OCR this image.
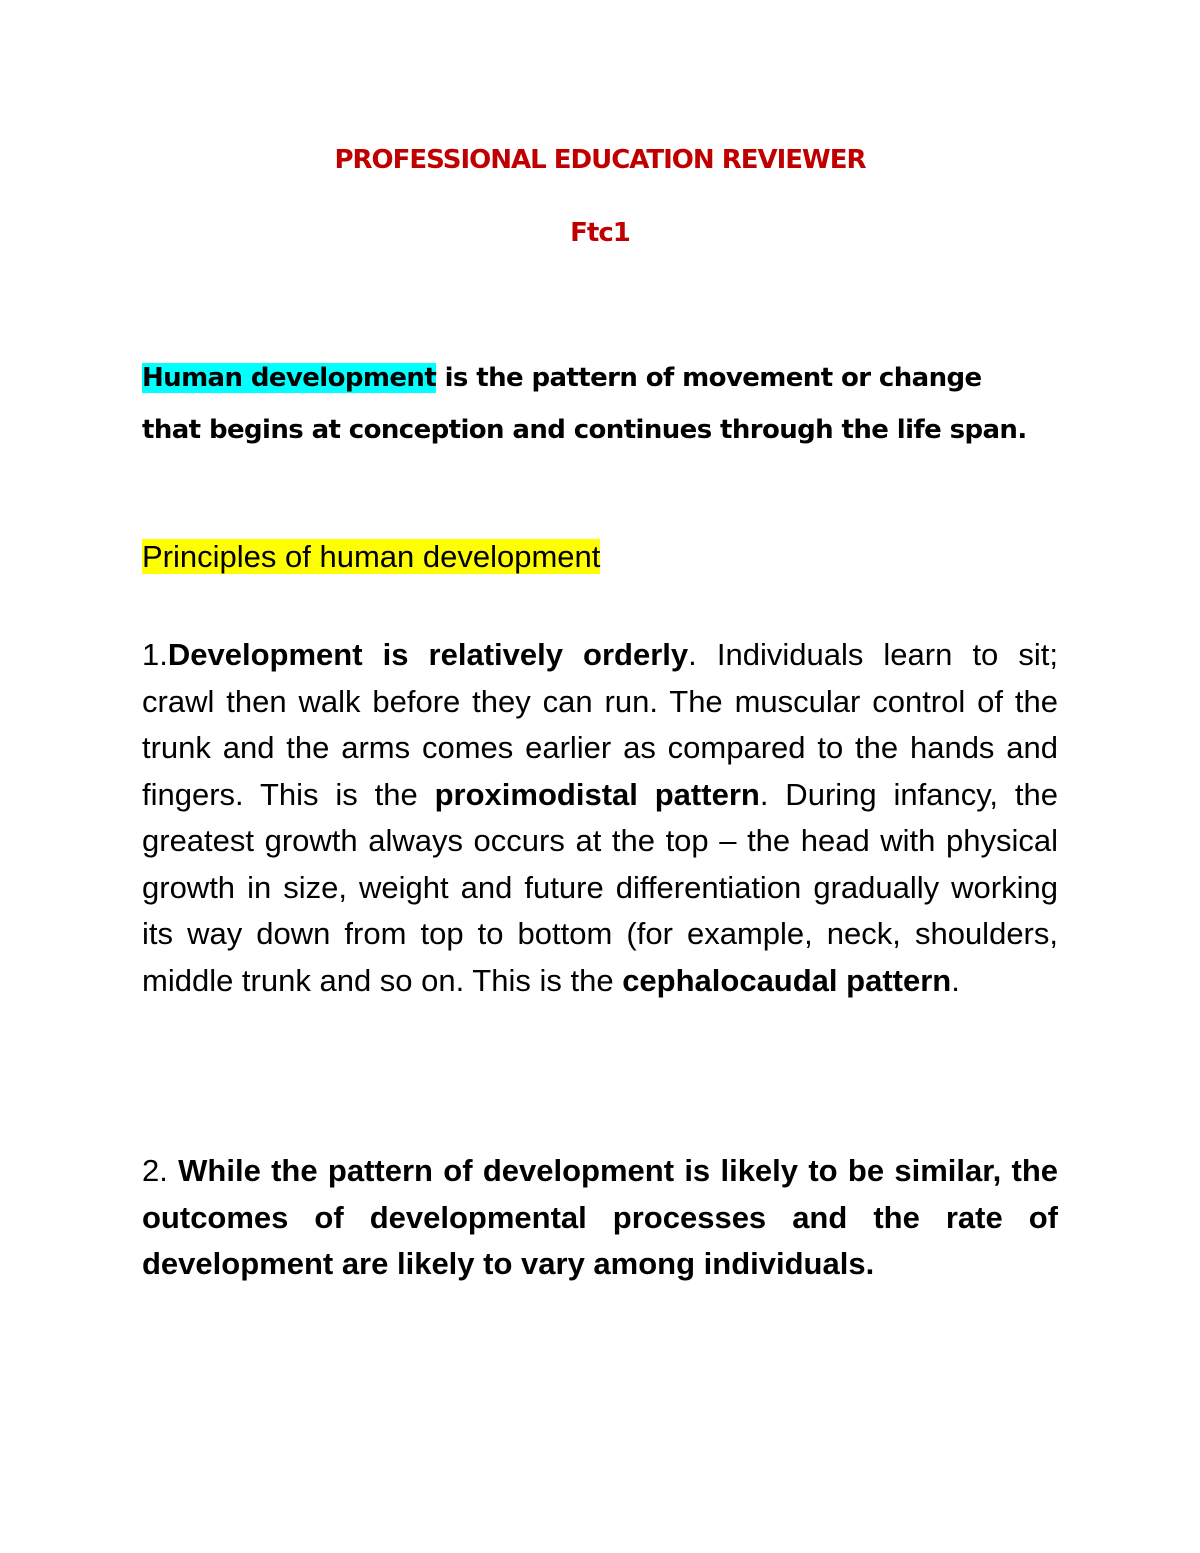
PROFESSIONAL EDUCATION REVIEWER
Ftc1
Human development is the pattern of movement or change
that begins at conception and continues through the life span.
Principles of human development

1.Development is relatively orderly. Individuals learn to sit; crawl then walk before they can run. The muscular control of the trunk and the arms comes earlier as compared to the hands and fingers. This is the proximodistal pattern. During infancy, the greatest growth always occurs at the top – the head with physical growth in size, weight and future differentiation gradually working its way down from top to bottom (for example, neck, shoulders, middle trunk and so on. This is the cephalocaudal pattern.

2. While the pattern of development is likely to be similar, the outcomes of developmental processes and the rate of development are likely to vary among individuals.
